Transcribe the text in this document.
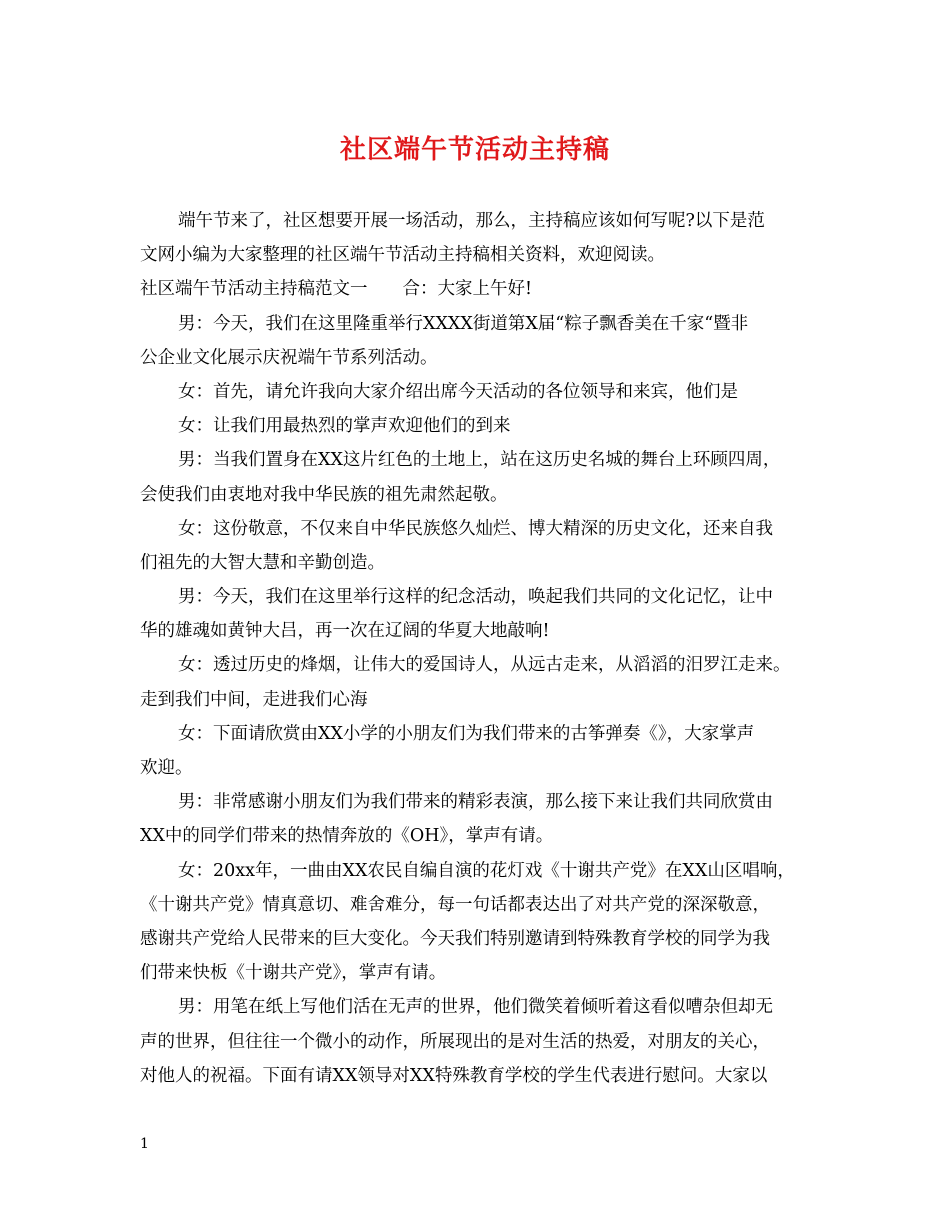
社区端午节活动主持稿
端午节来了，社区想要开展一场活动，那么，主持稿应该如何写呢?以下是范
文网小编为大家整理的社区端午节活动主持稿相关资料，欢迎阅读。
社区端午节活动主持稿范文一　　合：大家上午好!
男：今天，我们在这里隆重举行XXXX街道第X届“粽子飘香美在千家“暨非
公企业文化展示庆祝端午节系列活动。
女：首先，请允许我向大家介绍出席今天活动的各位领导和来宾，他们是
女：让我们用最热烈的掌声欢迎他们的到来
男：当我们置身在XX这片红色的土地上，站在这历史名城的舞台上环顾四周，
会使我们由衷地对我中华民族的祖先肃然起敬。
女：这份敬意，不仅来自中华民族悠久灿烂、博大精深的历史文化，还来自我
们祖先的大智大慧和辛勤创造。
男：今天，我们在这里举行这样的纪念活动，唤起我们共同的文化记忆，让中
华的雄魂如黄钟大吕，再一次在辽阔的华夏大地敲响!
女：透过历史的烽烟，让伟大的爱国诗人，从远古走来，从滔滔的汨罗江走来。
走到我们中间，走进我们心海
女：下面请欣赏由XX小学的小朋友们为我们带来的古筝弹奏《》，大家掌声
欢迎。
男：非常感谢小朋友们为我们带来的精彩表演，那么接下来让我们共同欣赏由
XX中的同学们带来的热情奔放的《OH》，掌声有请。
女：20xx年，一曲由XX农民自编自演的花灯戏《十谢共产党》在XX山区唱响，
《十谢共产党》情真意切、难舍难分，每一句话都表达出了对共产党的深深敬意，
感谢共产党给人民带来的巨大变化。今天我们特别邀请到特殊教育学校的同学为我
们带来快板《十谢共产党》，掌声有请。
男：用笔在纸上写他们活在无声的世界，他们微笑着倾听着这看似嘈杂但却无
声的世界，但往往一个微小的动作，所展现出的是对生活的热爱，对朋友的关心，
对他人的祝福。下面有请XX领导对XX特殊教育学校的学生代表进行慰问。大家以
1
